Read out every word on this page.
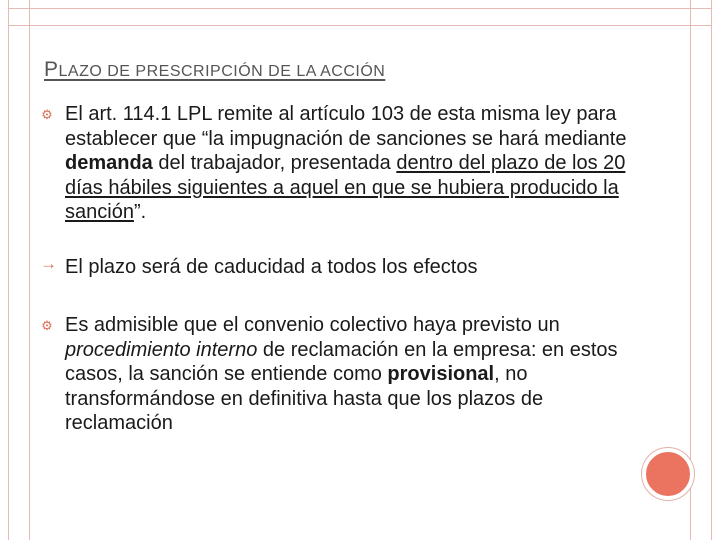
PLAZO DE PRESCRIPCIÓN DE LA ACCIÓN
⚙ El art. 114.1 LPL remite al artículo 103 de esta misma ley para establecer que “la impugnación de sanciones se hará mediante demanda del trabajador, presentada dentro del plazo de los 20 días hábiles siguientes a aquel en que se hubiera producido la sanción”.
→ El plazo será de caducidad a todos los efectos
⚙ Es admisible que el convenio colectivo haya previsto un procedimiento interno de reclamación en la empresa: en estos casos, la sanción se entiende como provisional, no transformándose en definitiva hasta que los plazos de reclamación
